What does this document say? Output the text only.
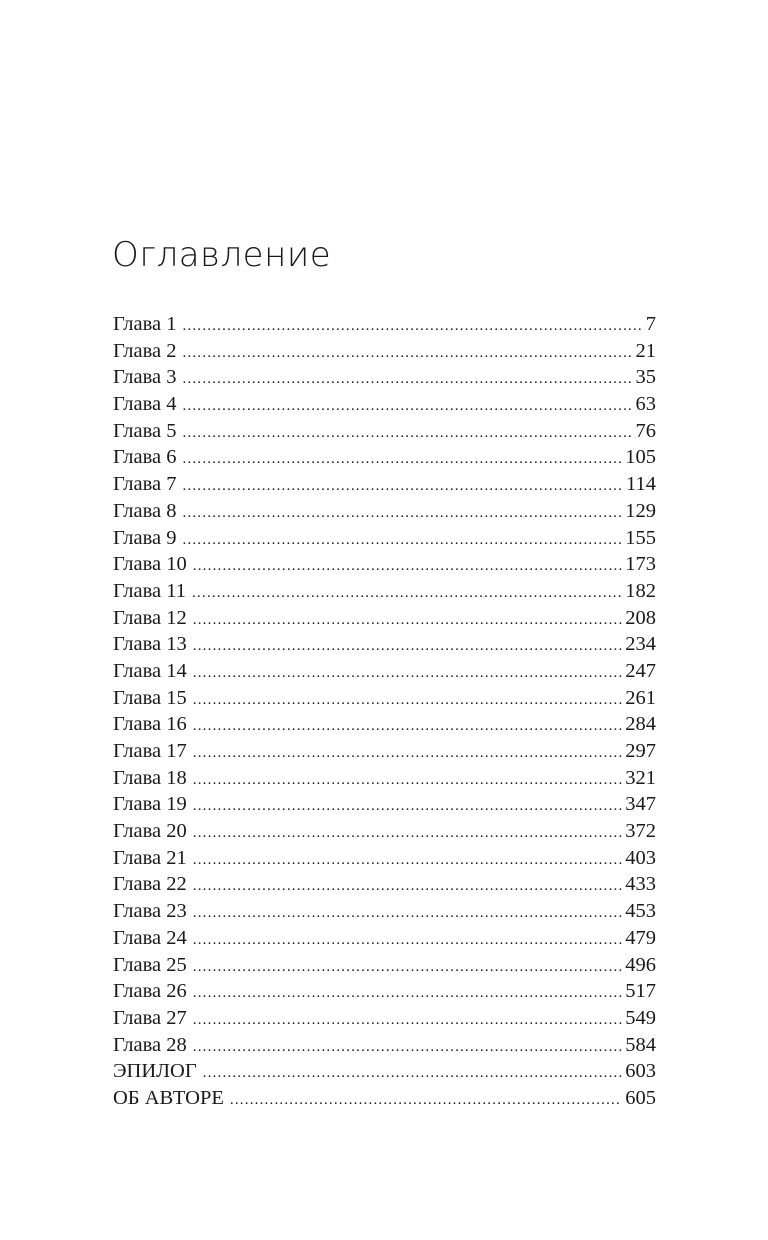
Оглавление
Глава 1 .....	7
Глава 2 .....	21
Глава 3 .....	35
Глава 4 .....	63
Глава 5 .....	76
Глава 6 .....	105
Глава 7 .....	114
Глава 8 .....	129
Глава 9 .....	155
Глава 10 .....	173
Глава 11 .....	182
Глава 12 .....	208
Глава 13 .....	234
Глава 14 .....	247
Глава 15 .....	261
Глава 16 .....	284
Глава 17 .....	297
Глава 18 .....	321
Глава 19 .....	347
Глава 20 .....	372
Глава 21 .....	403
Глава 22 .....	433
Глава 23 .....	453
Глава 24 .....	479
Глава 25 .....	496
Глава 26 .....	517
Глава 27 .....	549
Глава 28 .....	584
ЭПИЛОГ .....	603
ОБ АВТОРЕ .....	605
